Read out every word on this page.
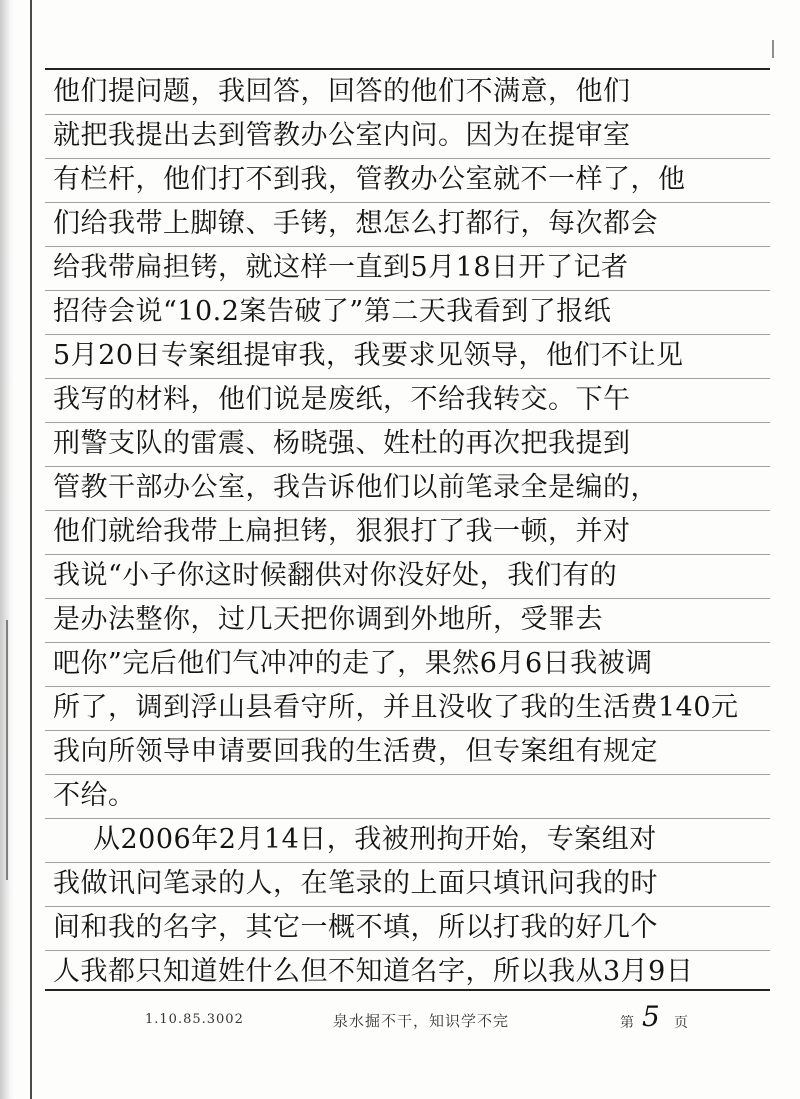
他们提问题，我回答，回答的他们不满意，他们
就把我提出去到管教办公室内问。因为在提审室
有栏杆，他们打不到我，管教办公室就不一样了，他
们给我带上脚镣、手铐，想怎么打都行，每次都会
给我带扁担铐，就这样一直到5月18日开了记者
招待会说“10.2案告破了”第二天我看到了报纸
5月20日专案组提审我，我要求见领导，他们不让见
我写的材料，他们说是废纸，不给我转交。下午
刑警支队的雷震、杨晓强、姓杜的再次把我提到
管教干部办公室，我告诉他们以前笔录全是编的，
他们就给我带上扁担铐，狠狠打了我一顿，并对
我说“小子你这时候翻供对你没好处，我们有的
是办法整你，过几天把你调到外地所，受罪去
吧你”完后他们气冲冲的走了，果然6月6日我被调
所了，调到浮山县看守所，并且没收了我的生活费140元
我向所领导申请要回我的生活费，但专案组有规定
不给。
从2006年2月14日，我被刑拘开始，专案组对
我做讯问笔录的人，在笔录的上面只填讯问我的时
间和我的名字，其它一概不填，所以打我的好几个
人我都只知道姓什么但不知道名字，所以我从3月9日
1.10.85.3002	泉水掘不干，知识学不完	第 5 页
